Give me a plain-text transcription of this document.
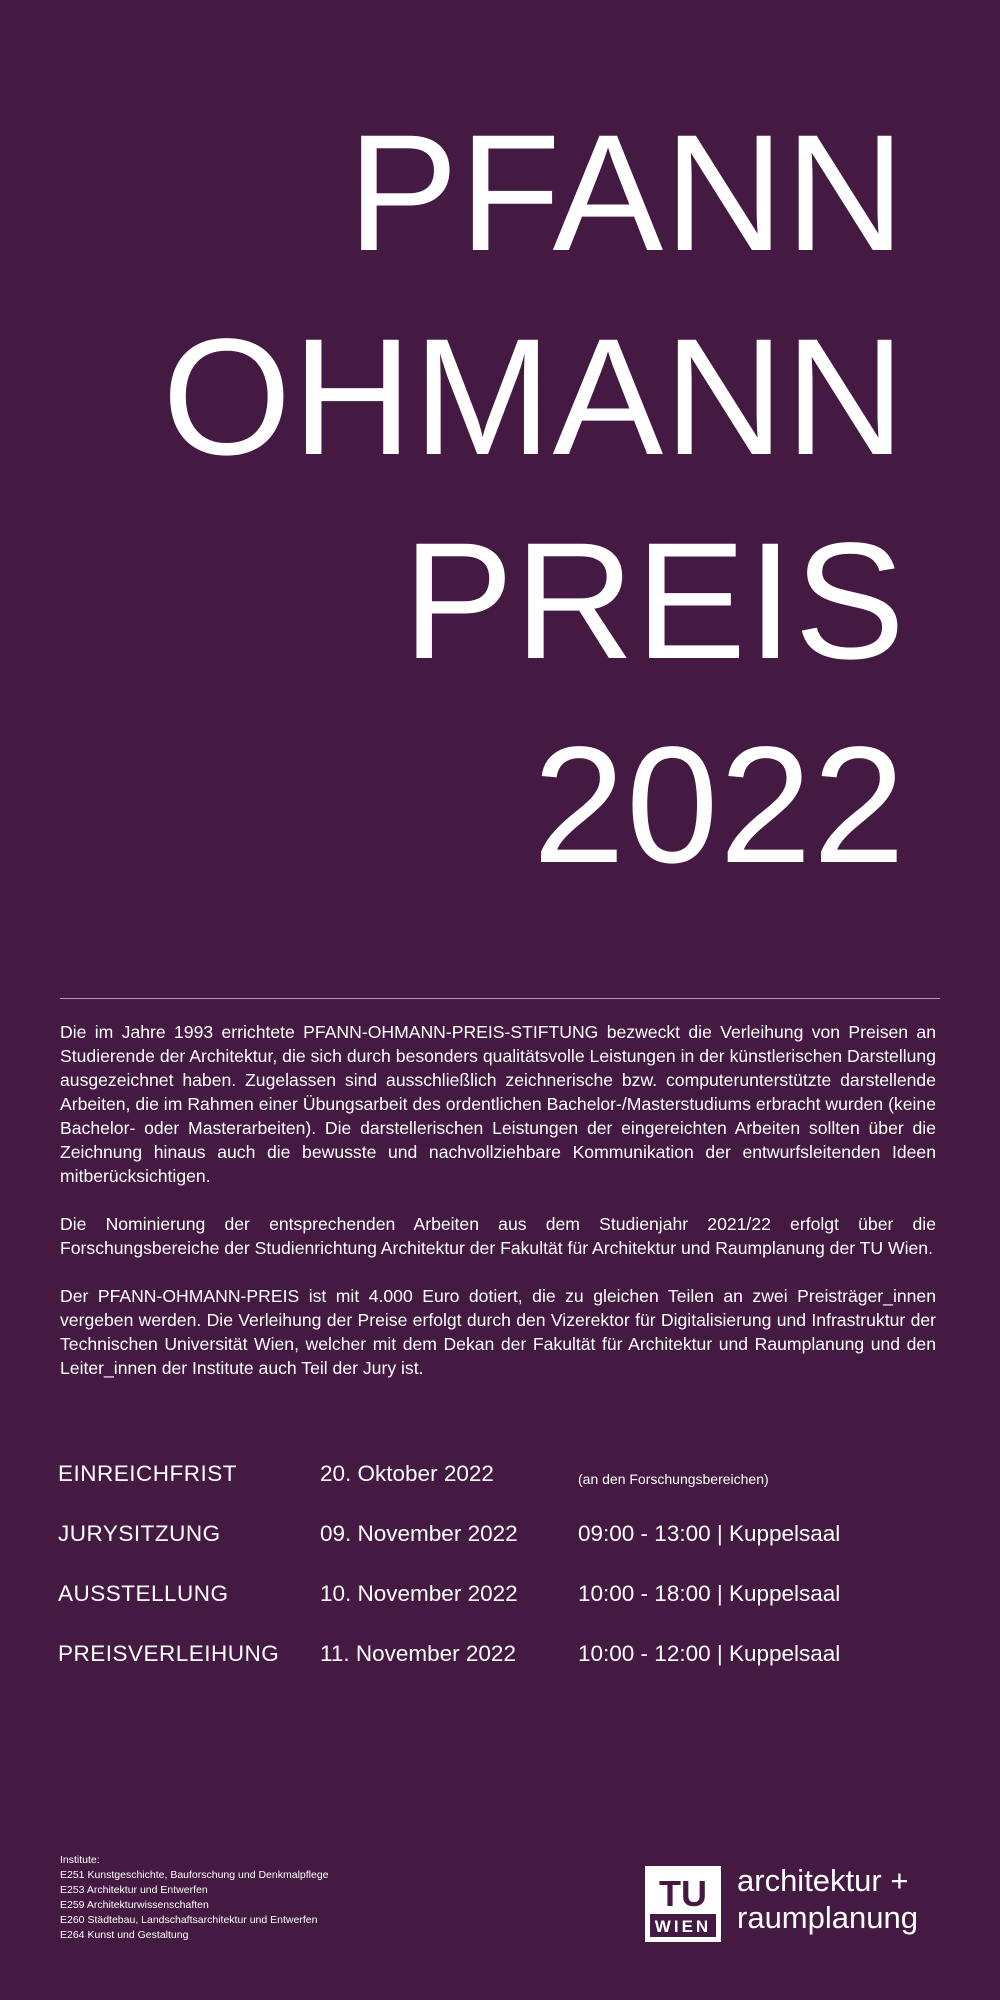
PFANN
OHMANN
PREIS
2022

Die im Jahre 1993 errichtete PFANN-OHMANN-PREIS-STIFTUNG bezweckt die Verleihung von Preisen an Studierende der Architektur, die sich durch besonders qualitätsvolle Leistungen in der künstlerischen Darstellung ausgezeichnet haben. Zugelassen sind ausschließlich zeichnerische bzw. computerunterstützte darstellende Arbeiten, die im Rahmen einer Übungsarbeit des ordentlichen Bachelor-/Masterstudiums erbracht wurden (keine Bachelor- oder Masterarbeiten). Die darstellerischen Leistungen der eingereichten Arbeiten sollten über die Zeichnung hinaus auch die bewusste und nachvollziehbare Kommunikation der entwurfsleitenden Ideen mitberücksichtigen.

Die Nominierung der entsprechenden Arbeiten aus dem Studienjahr 2021/22 erfolgt über die Forschungsbereiche der Studienrichtung Architektur der Fakultät für Architektur und Raumplanung der TU Wien.

Der PFANN-OHMANN-PREIS ist mit 4.000 Euro dotiert, die zu gleichen Teilen an zwei Preisträger_innen vergeben werden. Die Verleihung der Preise erfolgt durch den Vizerektor für Digitalisierung und Infrastruktur der Technischen Universität Wien, welcher mit dem Dekan der Fakultät für Architektur und Raumplanung und den Leiter_innen der Institute auch Teil der Jury ist.

EINREICHFRIST	20. Oktober 2022	(an den Forschungsbereichen)
JURYSITZUNG	09. November 2022	09:00 - 13:00 | Kuppelsaal
AUSSTELLUNG	10. November 2022	10:00 - 18:00 | Kuppelsaal
PREISVERLEIHUNG 11. November 2022	10:00 - 12:00 | Kuppelsaal
Institute:
E251 Kunstgeschichte, Bauforschung und Denkmalpflege
E253 Architektur und Entwerfen
E259 Architekturwissenschaften
E260 Städtebau, Landschaftsarchitektur und Entwerfen
E264 Kunst und Gestaltung
TU
WIEN
architektur +
raumplanung
